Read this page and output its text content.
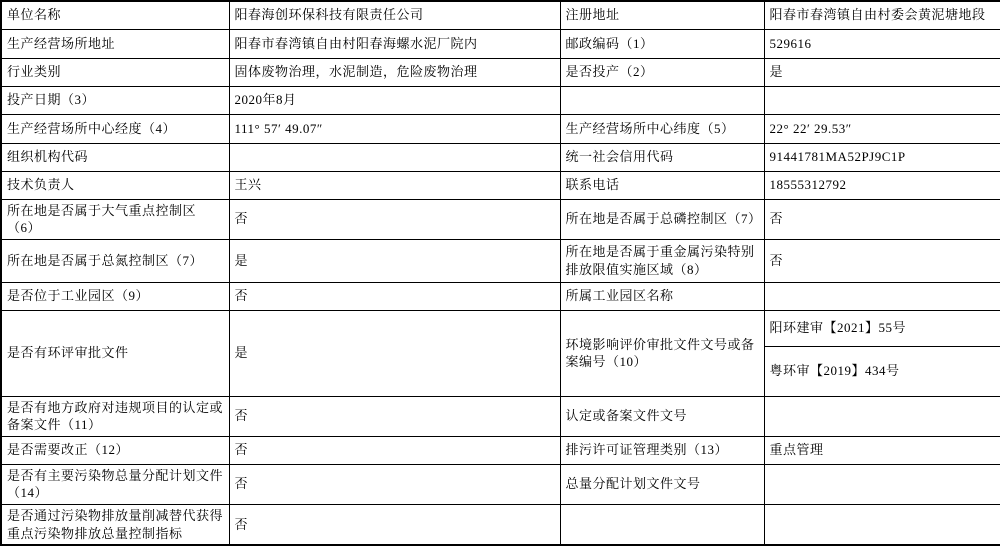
单位名称	阳春海创环保科技有限责任公司	注册地址	阳春市春湾镇自由村委会黄泥塘地段
生产经营场所地址	阳春市春湾镇自由村阳春海螺水泥厂院内	邮政编码（1）	529616
行业类别	固体废物治理，水泥制造，危险废物治理	是否投产（2）	是
投产日期（3）	2020年8月		
生产经营场所中心经度（4）	111° 57′ 49.07″	生产经营场所中心纬度（5）	22° 22′ 29.53″
组织机构代码		统一社会信用代码	91441781MA52PJ9C1P
技术负责人	王兴	联系电话	18555312792
所在地是否属于大气重点控制区（6）	否	所在地是否属于总磷控制区（7）	否
所在地是否属于总氮控制区（7）	是	所在地是否属于重金属污染特别排放限值实施区域（8）	否
是否位于工业园区（9）	否	所属工业园区名称	
是否有环评审批文件	是	环境影响评价审批文件文号或备案编号（10）	阳环建审【2021】55号
			粤环审【2019】434号
是否有地方政府对违规项目的认定或备案文件（11）	否	认定或备案文件文号	
是否需要改正（12）	否	排污许可证管理类别（13）	重点管理
是否有主要污染物总量分配计划文件（14）	否	总量分配计划文件文号	
是否通过污染物排放量削减替代获得重点污染物排放总量控制指标	否		
